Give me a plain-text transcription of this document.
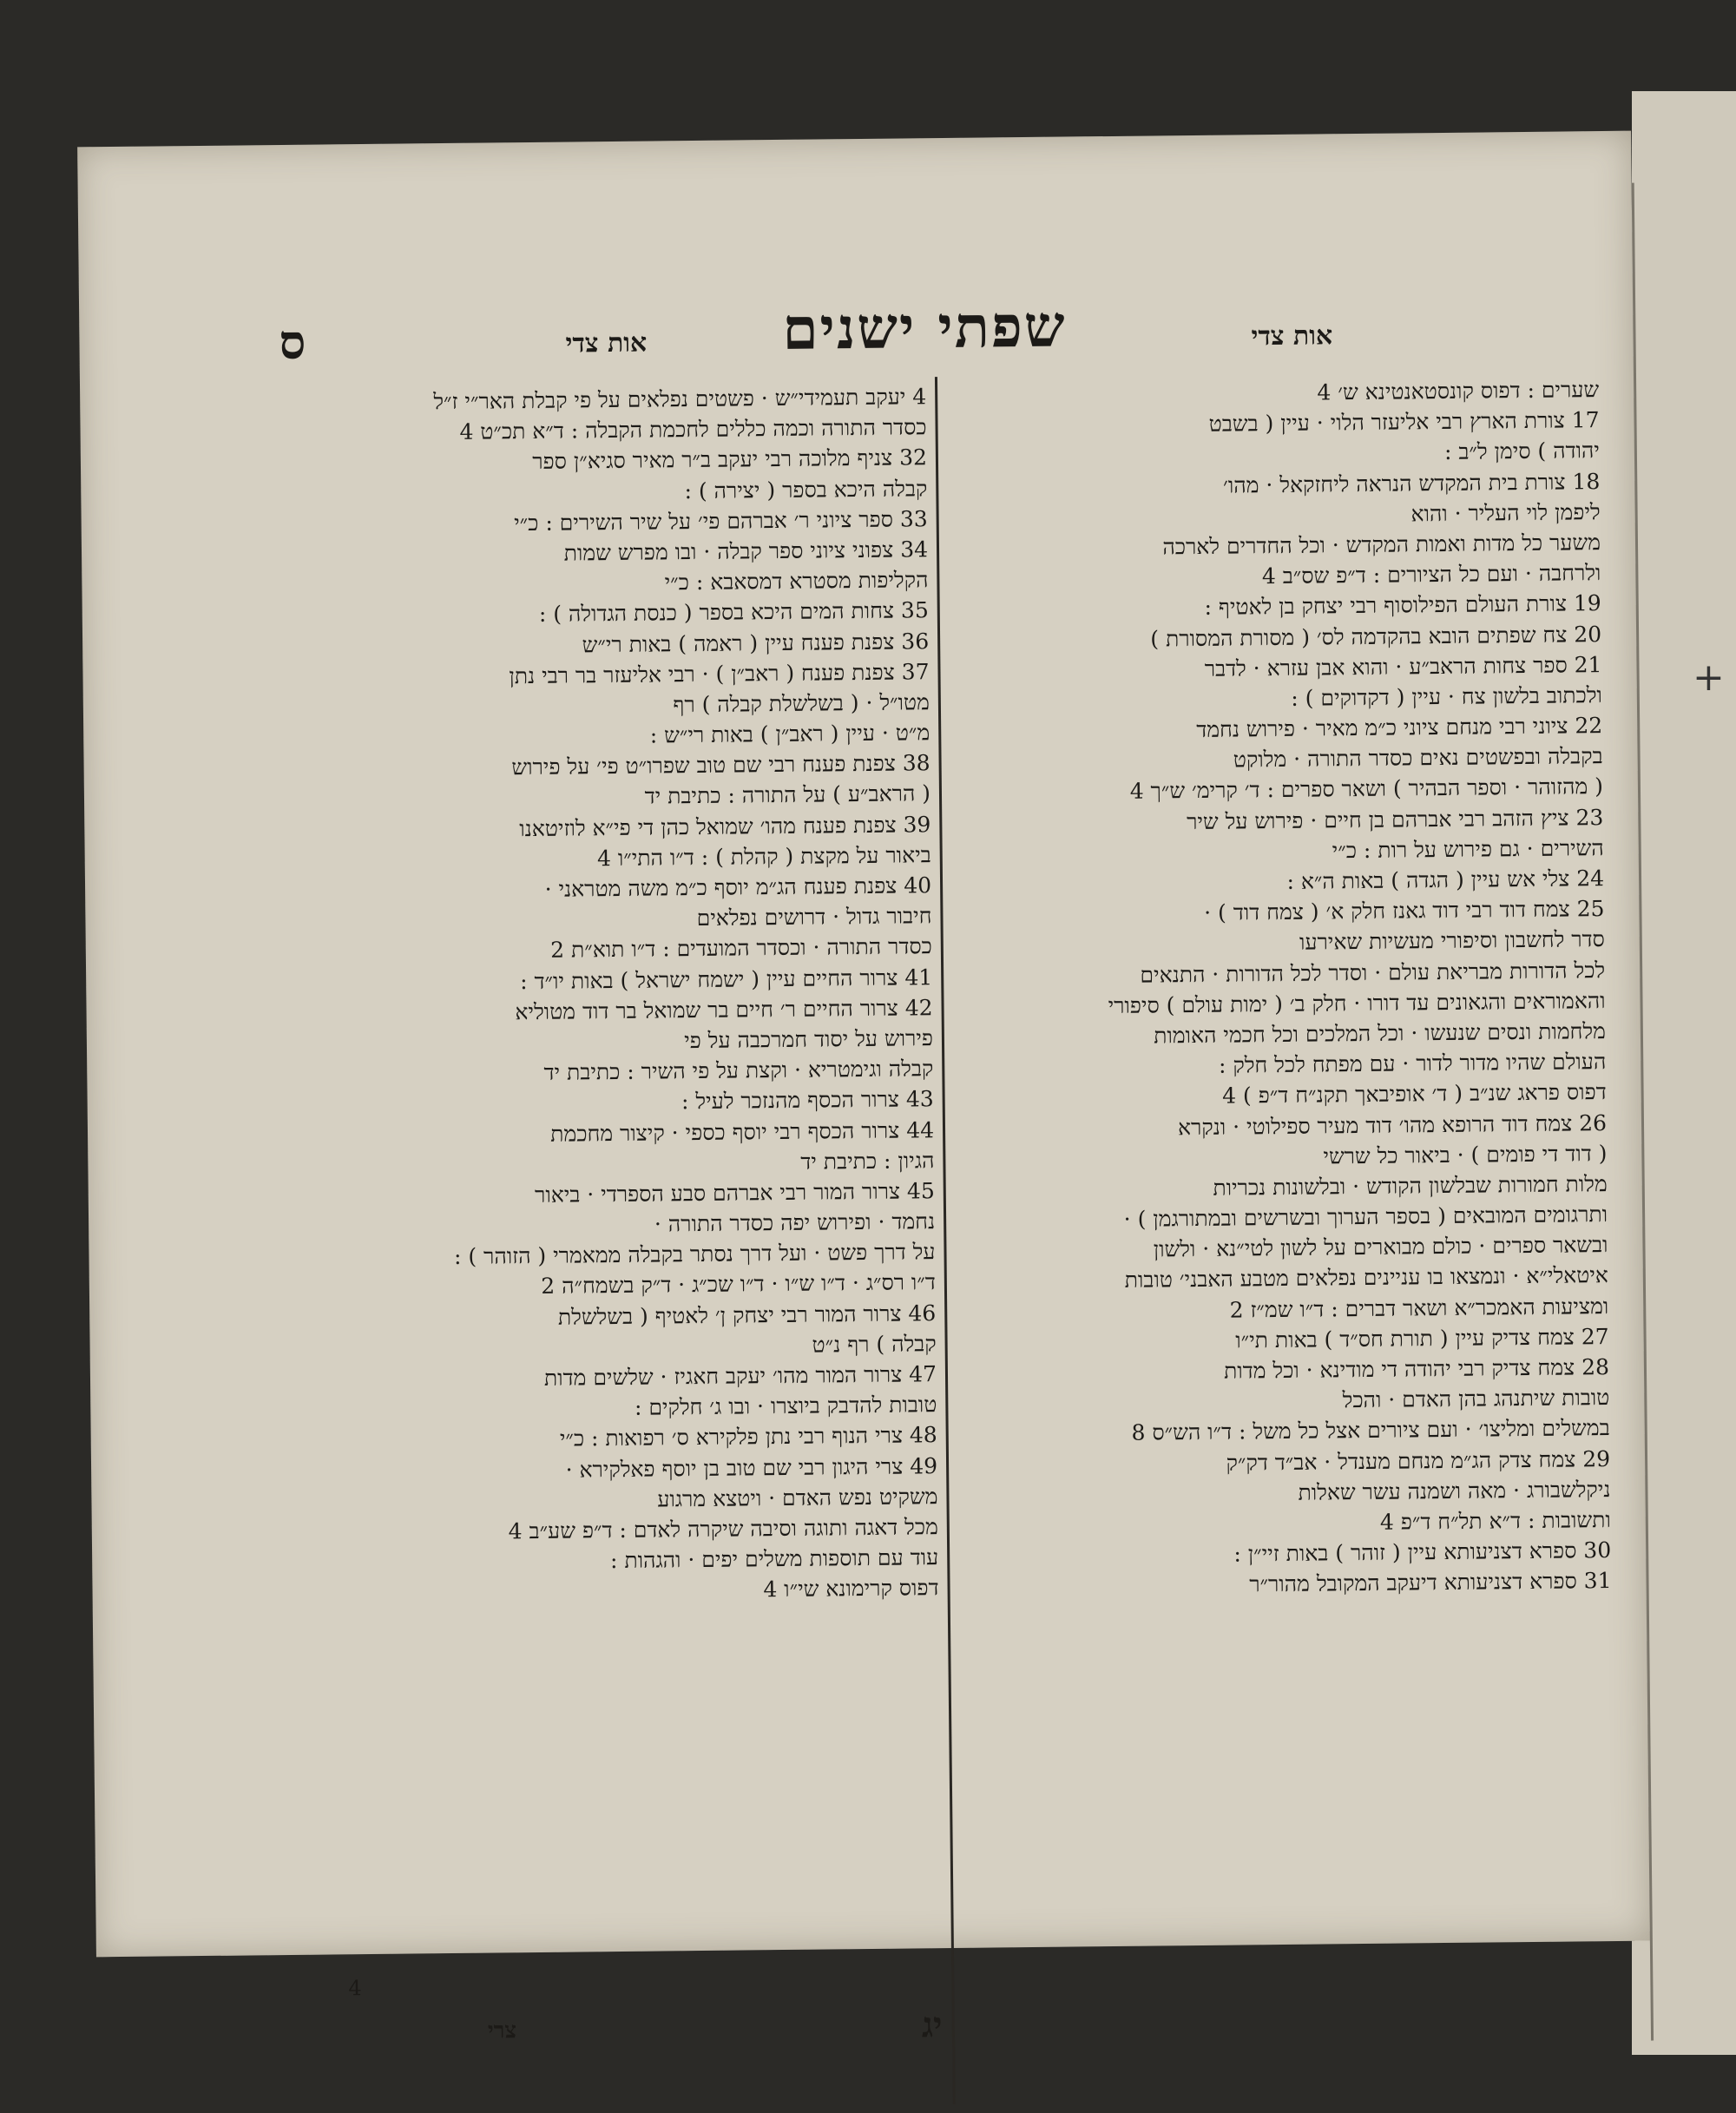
+
ס	אות צדי שפתי ישנים	אות צדי
4 יעקב תעמידי״ש · פשטים נפלאים על פי קבלת האר״י ז״ל
כסדר התורה וכמה כללים לחכמת הקבלה : ד״א תכ״ט 4
32 צניף מלוכה רבי יעקב ב״ר מאיר סגיא״ן ספר
קבלה היכא בספר ( יצירה ) :
33 ספר ציוני ר׳ אברהם פי׳ על שיר השירים : כ״י
34 צפוני ציוני ספר קבלה · ובו מפרש שמות
הקליפות מסטרא דמסאבא : כ״י
35 צחות המים היכא בספר ( כנסת הגדולה ) :
36 צפנת פענח עיין ( ראמה ) באות רי״ש
37 צפנת פענח ( ראב״ן ) · רבי אליעזר בר רבי נתן
מטו״ל · ( בשלשלת קבלה ) רף
מ״ט · עיין ( ראב״ן ) באות רי״ש :
38 צפנת פענח רבי שם טוב שפרו״ט פי׳ על פירוש
( הראב״ע ) על התורה : כתיבת יד
39 צפנת פענח מהו׳ שמואל כהן די פי״א לוזיטאנו
ביאור על מקצת ( קהלת ) : ד״ו התי״ו 4
40 צפנת פענח הג״מ יוסף כ״מ משה מטראני ·
חיבור גדול · דרושים נפלאים
כסדר התורה · וכסדר המועדים : ד״ו תוא״ת 2
41 צרור החיים עיין ( ישמח ישראל ) באות יו״ד :
42 צרור החיים ר׳ חיים בר שמואל בר דוד מטוליא
פירוש על יסוד חמרכבה על פי
קבלה וגימטריא · וקצת על פי השיר : כתיבת יד
43 צרור הכסף מהנזכר לעיל :
44 צרור הכסף רבי יוסף כספי · קיצור מחכמת
הגיון : כתיבת יד
45 צרור המור רבי אברהם סבע הספרדי · ביאור
נחמד · ופירוש יפה כסדר התורה ·
על דרך פשט · ועל דרך נסתר בקבלה ממאמרי ( הזוהר ) :
ד״ו רס״ג · ד״ו ש״ו · ד״ו שכ״ג · ד״ק בשמח״ה 2
46 צרור המור רבי יצחק ן׳ לאטיף ( בשלשלת
קבלה ) רף נ״ט
47 צרור המור מהו׳ יעקב חאגיז · שלשים מדות
טובות להדבק ביוצרו · ובו ג׳ חלקים :
48 צרי הנוף רבי נתן פלקירא ס׳ רפואות : כ״י
49 צרי היגון רבי שם טוב בן יוסף פאלקירא ·
משקיט נפש האדם · ויטצא מרגוע
מכל דאגה ותוגה וסיבה שיקרה לאדם : ד״פ שע״ב 4
עוד עם תוספות משלים יפים · והגהות :
דפוס קרימונא שי״ו 4
שערים : דפוס קונסטאנטינא ש׳ 4
17 צורת הארץ רבי אליעזר הלוי · עיין ( בשבט
יהודה ) סימן ל״ב :
18 צורת בית המקדש הנראה ליחזקאל · מהו׳
ליפמן לוי העליר · והוא
משער כל מדות ואמות המקדש · וכל החדרים לארכה
ולרחבה · ועם כל הציורים : ד״פ שס״ב 4
19 צורת העולם הפילוסוף רבי יצחק בן לאטיף :
20 צח שפתים הובא בהקדמה לס׳ ( מסורת המסורת )
21 ספר צחות הראב״ע · והוא אבן עזרא · לדבר
ולכתוב בלשון צח · עיין ( דקדוקים ) :
22 ציוני רבי מנחם ציוני כ״מ מאיר · פירוש נחמד
בקבלה ובפשטים נאים כסדר התורה · מלוקט
( מהזוהר · וספר הבהיר ) ושאר ספרים : ד׳ קרימ׳ ש״ך 4
23 ציץ הזהב רבי אברהם בן חיים · פירוש על שיר
השירים · גם פירוש על רות : כ״י
24 צלי אש עיין ( הגדה ) באות ה״א :
25 צמח דוד רבי דוד גאנז חלק א׳ ( צמח דוד ) ·
סדר לחשבון וסיפורי מעשיות שאירעו
לכל הדורות מבריאת עולם · וסדר לכל הדורות · התנאים
והאמוראים והגאונים עד דורו · חלק ב׳ ( ימות עולם ) סיפורי
מלחמות ונסים שנעשו · וכל המלכים וכל חכמי האומות
העולם שהיו מדור לדור · עם מפתח לכל חלק :
דפוס פראג שנ״ב ( ד׳ אופיבאך תקנ״ח ד״פ ) 4
26 צמח דוד הרופא מהו׳ דוד מעיר ספילוטי · ונקרא
( דוד די פומים ) · ביאור כל שרשי
מלות חמורות שבלשון הקודש · ובלשונות נכריות
ותרגומים המובאים ( בספר הערוך ובשרשים ובמתורגמן ) ·
ובשאר ספרים · כולם מבוארים על לשון לטי״נא · ולשון
איטאלי״א · ונמצאו בו עניינים נפלאים מטבע האבני׳ טובות
ומציעות האמכר״א ושאר דברים : ד״ו שמ״ז 2
27 צמח צדיק עיין ( תורת חס״ד ) באות תי״ו
28 צמח צדיק רבי יהודה די מודינא · וכל מדות
טובות שיתנהג בהן האדם · והכל
במשלים ומליצו׳ · ועם ציורים אצל כל משל : ד״ו הש״ס 8
29 צמח צדק הג״מ מנחם מענדל · אב״ד דק״ק
ניקלשבורג · מאה ושמנה עשר שאלות
ותשובות : ד״א תל״ח ד״פ 4
30 ספרא דצניעותא עיין ( זוהר ) באות זיי״ן :
31 ספרא דצניעותא דיעקב המקובל מהור״ר
4
צרי	יג
